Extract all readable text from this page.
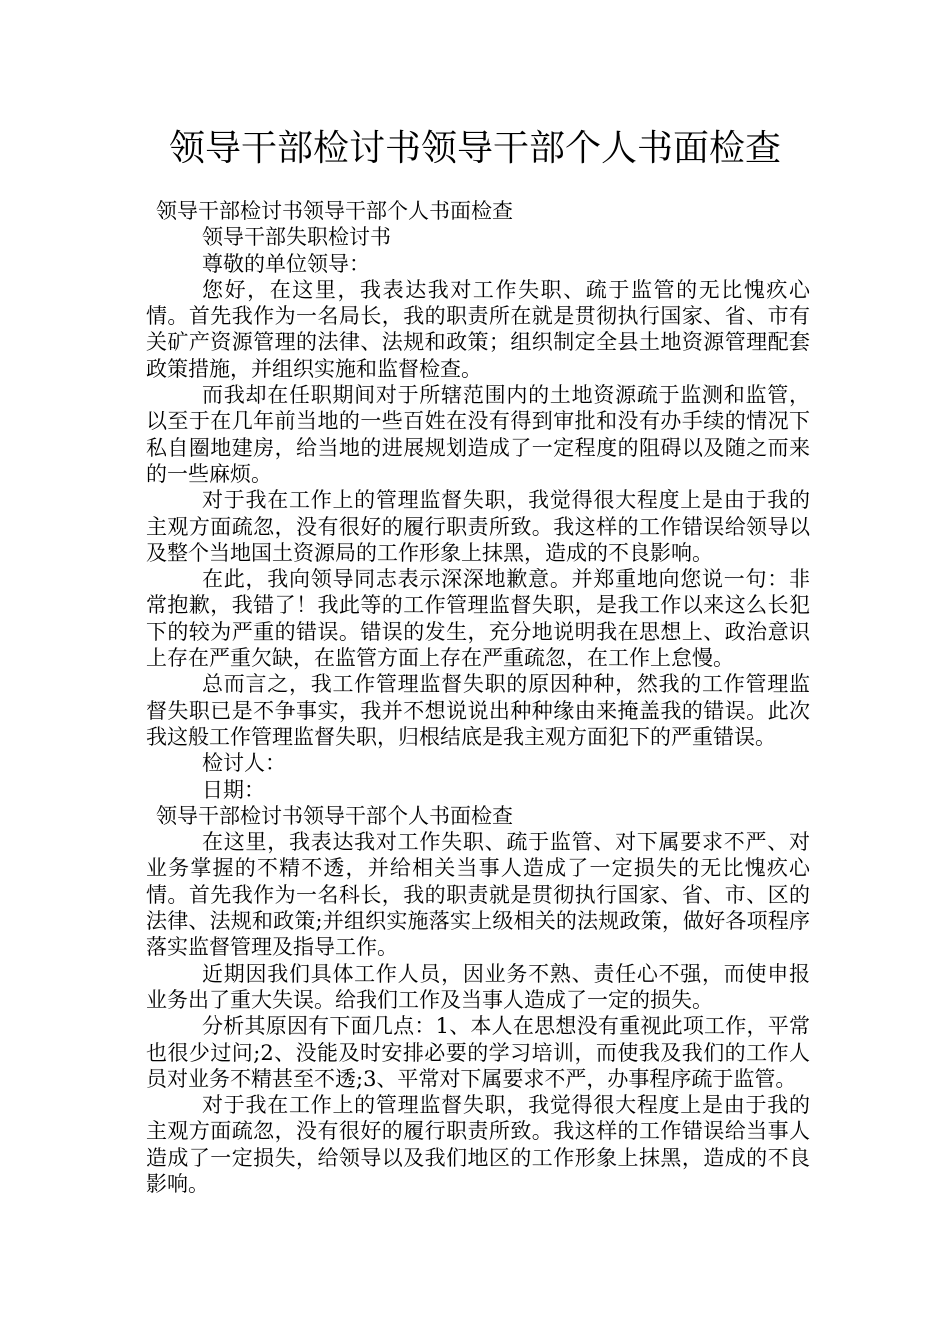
领导干部检讨书领导干部个人书面检查

领导干部检讨书领导干部个人书面检查

领导干部失职检讨书

尊敬的单位领导：

您好，在这里，我表达我对工作失职、疏于监管的无比愧疚心情。首先我作为一名局长，我的职责所在就是贯彻执行国家、省、市有关矿产资源管理的法律、法规和政策；组织制定全县土地资源管理配套政策措施，并组织实施和监督检查。

而我却在任职期间对于所辖范围内的土地资源疏于监测和监管，以至于在几年前当地的一些百姓在没有得到审批和没有办手续的情况下私自圈地建房，给当地的进展规划造成了一定程度的阻碍以及随之而来的一些麻烦。

对于我在工作上的管理监督失职，我觉得很大程度上是由于我的主观方面疏忽，没有很好的履行职责所致。我这样的工作错误给领导以及整个当地国土资源局的工作形象上抹黑，造成的不良影响。

在此，我向领导同志表示深深地歉意。并郑重地向您说一句：非常抱歉，我错了！我此等的工作管理监督失职，是我工作以来这么长犯下的较为严重的错误。错误的发生，充分地说明我在思想上、政治意识上存在严重欠缺，在监管方面上存在严重疏忽，在工作上怠慢。

总而言之，我工作管理监督失职的原因种种，然我的工作管理监督失职已是不争事实，我并不想说说出种种缘由来掩盖我的错误。此次我这般工作管理监督失职，归根结底是我主观方面犯下的严重错误。

检讨人：

日期：

领导干部检讨书领导干部个人书面检查

在这里，我表达我对工作失职、疏于监管、对下属要求不严、对业务掌握的不精不透，并给相关当事人造成了一定损失的无比愧疚心情。首先我作为一名科长，我的职责就是贯彻执行国家、省、市、区的法律、法规和政策;并组织实施落实上级相关的法规政策，做好各项程序落实监督管理及指导工作。

近期因我们具体工作人员，因业务不熟、责任心不强，而使申报业务出了重大失误。给我们工作及当事人造成了一定的损失。

分析其原因有下面几点：1、本人在思想没有重视此项工作，平常也很少过问;2、没能及时安排必要的学习培训，而使我及我们的工作人员对业务不精甚至不透;3、平常对下属要求不严，办事程序疏于监管。

对于我在工作上的管理监督失职，我觉得很大程度上是由于我的主观方面疏忽，没有很好的履行职责所致。我这样的工作错误给当事人造成了一定损失，给领导以及我们地区的工作形象上抹黑，造成的不良影响。
